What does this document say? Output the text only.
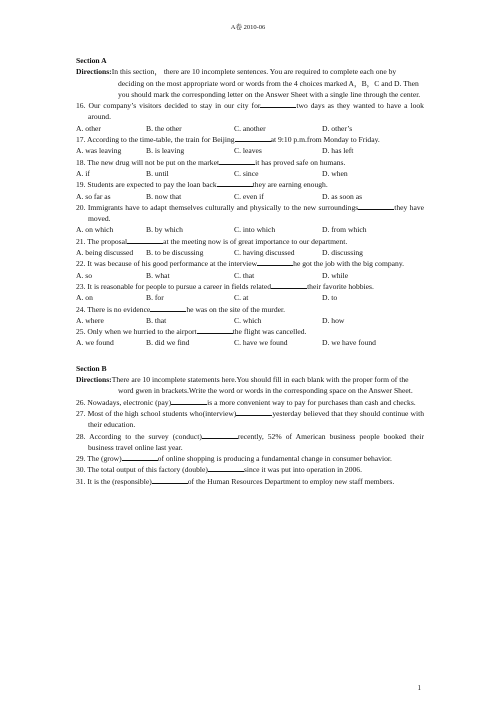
A卷 2010-06

Section A

Directions:In this section， there are 10 incomplete sentences. You are required to complete each one by deciding on the most appropriate word or words from the 4 choices marked A，B，C and D. Then you should mark the corresponding letter on the Answer Sheet with a single line through the center.

16. Our company’s visitors decided to stay in our city for	two days as they wanted to have a look around.

A. other	B. the other	C. another	D. other’s

17. According to the time-table, the train for Beijing	at 9:10 p.m.from Monday to Friday.

A. was leaving	B. is leaving	C. leaves	D. has left

18. The new drug will not be put on the market	it has proved safe on humans.

A. if	B. until	C. since	D. when

19. Students are expected to pay the loan back	they are earning enough.

A. so far as	B. now that	C. even if	D. as soon as

20. Immigrants have to adapt themselves culturally and physically to the new surroundings	they have moved.

A. on which	B. by which	C. into which	D. from which

21. The proposal	at the meeting now is of great importance to our department.

A. being discussed	B. to be discussing	C. having discussed	D. discussing

22. It was because of his good performance at the interview	he got the job with the big company.

A. so	B. what	C. that	D. while

23. It is reasonable for people to pursue a career in fields related	their favorite hobbies.

A. on	B. for	C. at	D. to

24. There is no evidence	he was on the site of the murder.

A. where	B. that	C. which	D. how

25. Only when we hurried to the airport	the flight was cancelled.

A. we found	B. did we find	C. have we found	D. we have found

Section B

Directions:There are 10 incomplete statements here.You should fill in each blank with the proper form of the word gwen in brackets.Write the word or words in the corresponding space on the Answer Sheet.

26. Nowadays, electronic (pay)	is a more convenient way to pay for purchases than cash and checks.

27. Most of the high school students who(interview)	yesterday believed that they should continue with their education.

28. According to the survey (conduct)	recently, 52% of American business people booked their business travel online last year.

29. The (grow)	of online shopping is producing a fundamental change in consumer behavior.

30. The total output of this factory (double)	since it was put into operation in 2006.

31. It is the (responsible)	of the Human Resources Department to employ new staff members.

1
